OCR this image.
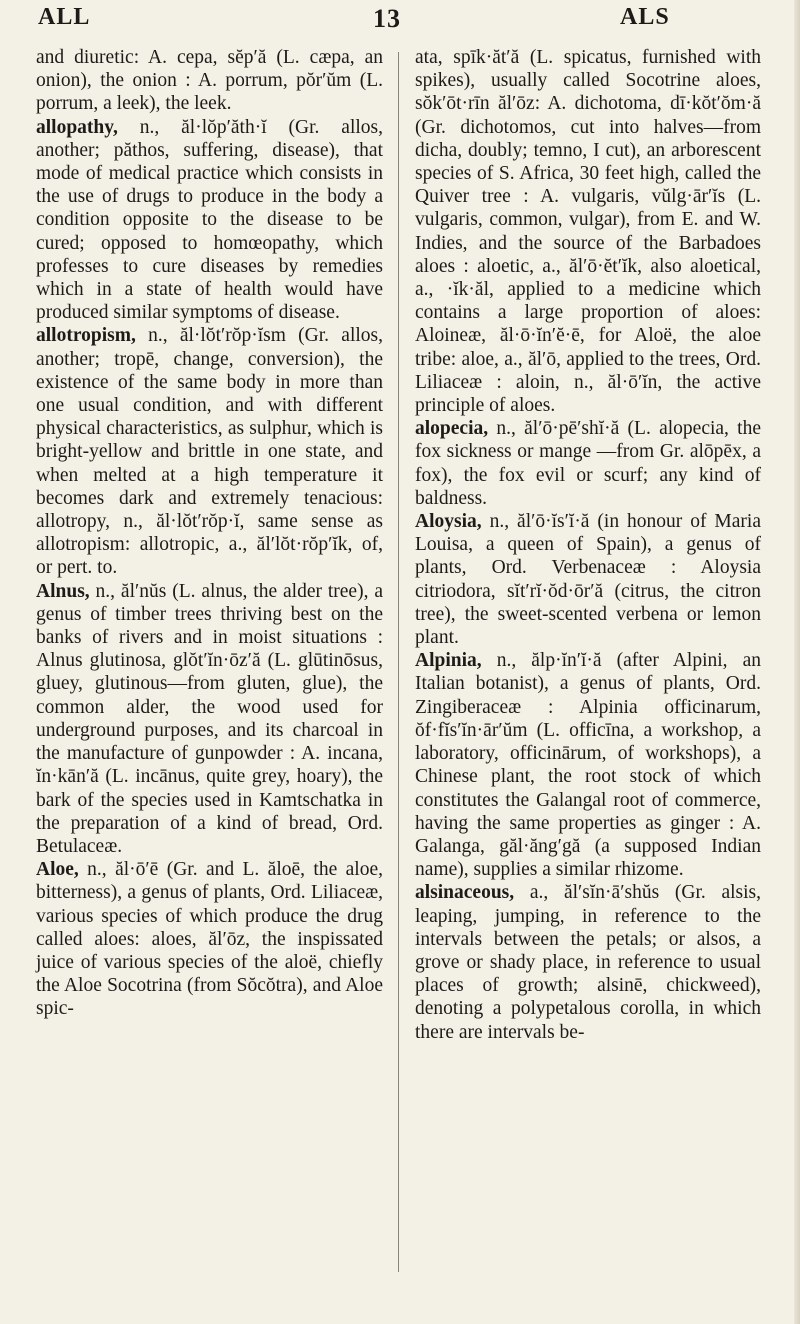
ALL	13	ALS

and diuretic: A. cepa, sĕp′ă (L. cæpa, an onion), the onion : A. porrum, pŏr′ŭm (L. porrum, a leek), the leek.

allopathy, n., ăl·lŏp′ăth·ĭ (Gr. allos, another; păthos, suffering, disease), that mode of medical practice which consists in the use of drugs to produce in the body a condition opposite to the disease to be cured; opposed to homœopathy, which professes to cure diseases by remedies which in a state of health would have produced similar symptoms of disease.

allotropism, n., ăl·lŏt′rŏp·ĭsm (Gr. allos, another; tropē, change, conversion), the existence of the same body in more than one usual condition, and with different physical characteristics, as sulphur, which is bright-yellow and brittle in one state, and when melted at a high temperature it becomes dark and extremely tenacious: allotropy, n., ăl·lŏt′rŏp·ĭ, same sense as allotropism: allotropic, a., ăl′lŏt·rŏp′ĭk, of, or pert. to.

Alnus, n., ăl′nŭs (L. alnus, the alder tree), a genus of timber trees thriving best on the banks of rivers and in moist situations : Alnus glutinosa, glŏt′ĭn·ōz′ă (L. glūtinōsus, gluey, glutinous—from gluten, glue), the common alder, the wood used for underground purposes, and its charcoal in the manufacture of gunpowder : A. incana, ĭn·kān′ă (L. incānus, quite grey, hoary), the bark of the species used in Kamtschatka in the preparation of a kind of bread, Ord. Betulaceæ.

Aloe, n., ăl·ō′ē (Gr. and L. ăloē, the aloe, bitterness), a genus of plants, Ord. Liliaceæ, various species of which produce the drug called aloes: aloes, ăl′ōz, the inspissated juice of various species of the aloë, chiefly the Aloe Socotrina (from Sŏcŏtra), and Aloe spic-

ata, spīk·ăt′ă (L. spicatus, furnished with spikes), usually called Socotrine aloes, sŏk′ōt·rīn ăl′ōz: A. dichotoma, dī·kŏt′ŏm·ă (Gr. dichotomos, cut into halves—from dicha, doubly; temno, I cut), an arborescent species of S. Africa, 30 feet high, called the Quiver tree : A. vulgaris, vŭlg·ār′ĭs (L. vulgaris, common, vulgar), from E. and W. Indies, and the source of the Barbadoes aloes : aloetic, a., ăl′ō·ĕt′ĭk, also aloetical, a., ·ĭk·ăl, applied to a medicine which contains a large proportion of aloes: Aloineæ, ăl·ō·ĭn′ĕ·ē, for Aloë, the aloe tribe: aloe, a., ăl′ō, applied to the trees, Ord. Liliaceæ : aloin, n., ăl·ō′ĭn, the active principle of aloes.

alopecia, n., ăl′ō·pē′shĭ·ă (L. alopecia, the fox sickness or mange —from Gr. alōpēx, a fox), the fox evil or scurf; any kind of baldness.

Aloysia, n., ăl′ō·ĭs′ĭ·ă (in honour of Maria Louisa, a queen of Spain), a genus of plants, Ord. Verbenaceæ : Aloysia citriodora, sĭt′rĭ·ŏd·ōr′ă (citrus, the citron tree), the sweet-scented verbena or lemon plant.

Alpinia, n., ălp·ĭn′ĭ·ă (after Alpini, an Italian botanist), a genus of plants, Ord. Zingiberaceæ : Alpinia officinarum, ŏf·fĭs′ĭn·ār′ŭm (L. officīna, a workshop, a laboratory, officinārum, of workshops), a Chinese plant, the root stock of which constitutes the Galangal root of commerce, having the same properties as ginger : A. Galanga, găl·ăng′gă (a supposed Indian name), supplies a similar rhizome.

alsinaceous, a., ăl′sĭn·ā′shŭs (Gr. alsis, leaping, jumping, in reference to the intervals between the petals; or alsos, a grove or shady place, in reference to usual places of growth; alsinē, chickweed), denoting a polypetalous corolla, in which there are intervals be-
